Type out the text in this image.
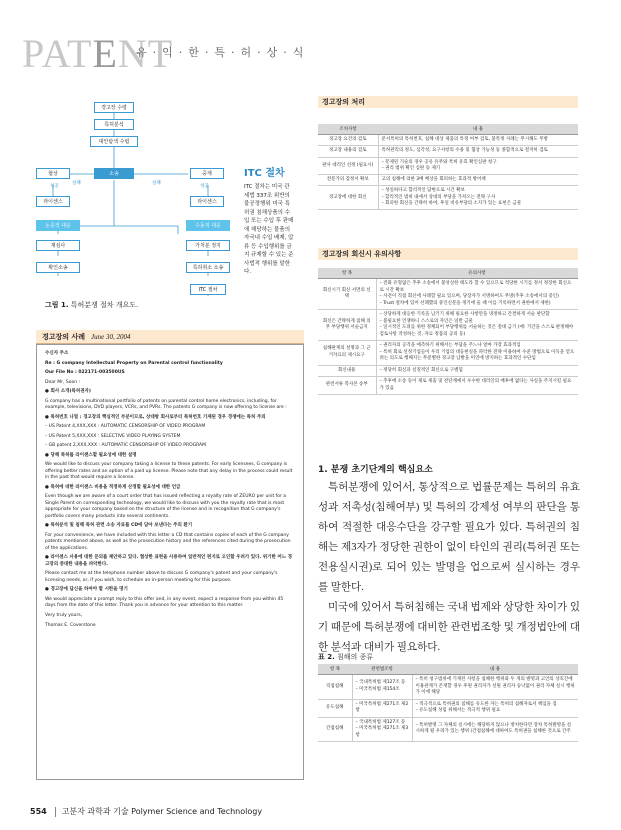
PATENT
유·익·한·특·허·상·식
경고장 수령
특허분석
대안탐색 수립
협상	소송	중재
성공
실패	실패
성공
라이센스	라이센스
논증적 대응	수동적 대응
재심사
확인소송
가처분 정지
특허취소 소송
ITC 절차
ITC 절차
ITC 절차는 미국 관세법 337조 위반의 불공정행위 미국 특허권 침해상품의 수입 또는 수입 후 판매에 해당하는 물품의 자국내 수입 배제, 압류 등 수입행위를 금지 규제할 수 있는 준사법적 행위를 말한다.
그림 1. 특허분쟁 절차 개요도.
경고장의 사례 June 30, 2004

수신자 주소

Re : G company Intellectual Property on Parental control functionality

Our File No : 022171-003500US

Dear Mr, Soon :

● 회사 소개(특허권자)

G company has a multinational portfolio of patents on parental control home electronics, including, for example, televisions, DVD players, VCRs, and PVRs. The patents G company is now offering to license are :

● 특허번호 나열 : 경고장의 핵심적인 부분이므로, 상대방 회사로부터 특허번호 기재된 경우 경쟁에는 특허 주의

– US Patent 4,XXX,XXX : AUTOMATIC CENSORSHIP OF VIDEO PROGRAM

– US Patent 5,XXX,XXX : SELECTIVE VIDEO PLAYING SYSTEM

– GB patent 2,XXX,XXX : AUTOMATIC CENSORSHIP OF VIDEO PROGRAM

● 당해 특허를 라이센스할 필요성에 대한 설명

We would like to discuss your company taking a license to these patents. For early licensees, G company is offering better rates and an option of a paid up license. Please note that any delay in the process could result in the past that would require a license.

● 특허에 대한 라이센스 비용을 적정하게 산정할 필요성에 대한 언급

Even though we are aware of a court order that has issued reflecting a royalty rate of ZEURO per unit for a Single Parent on corresponding technology, we would like to discuss with you the royalty rate that is most appropriate for your company based on the structure of the license and in recognition that G company's portfolio covers many products into several continents.

● 특허분석 및 침해 특허 관련 소송 자료를 CD에 담아 보낸다는 주의 환기

For your convenience, we have included with this letter a CD that contains copies of each of the G company patents mentioned above, as well as the prosecution history and the references cited during the prosecution of the applications.

● 라이센스 사용에 대한 문의를 제안하고 있다. 협상한 표현을 사용하여 일반적인 편지로 오인할 우려가 있다. 위기한 어느 경고장의 증대한 내용을 파악한다.

Please contact me at the telephone number above to discuss G company's patent and your company's licensing needs, or, if you wish, to schedule an in-person meeting for this purpose.

● 경고장에 답신을 하여야 할 시한을 명기

We would appreciate a prompt reply to this offer and, in any event, expect a response from you within 45 days from the date of this letter. Thank you in advance for your attention to this matter.

Very truly yours,

Thomas E. Coverstone

경고장의 처리
조치사항	내 용
경고장 요건의 검토	문서특허의 특허번호, 침해 대상 제품의 특정 여부 검토, 불특정 사례는 무시해도 무방
경고장 내용의 검토	특허관리의 정도, 심각성, 요구사항의 수용 및 협상 가능성 등 종합적으로 철저히 검토
판사 대리인 선정 (필요시)	– 문제된 기술의 경우 공유 유무와 특허 유효 확인심판 청구
– 권리 범위 확인 심판 등 제기
전문가의 감정서 확보	고의 침해에 의한 3배 배상을 회피하는 효과적 방어책
경고장에 대한 회신	– 성실하다고 합리적인 답변으로 시간 확보
– 합리적인 범위 내에서 상대의 부당을 가져오는 전략 구사
– 회피한 회신을 간략히 하여, 후일 비유부당의 소지가 있는 표현은 금물
경고장의 회신시 유의사항
항 목	유의사항
회신시기 회신 서면의 선택	– 전화 유형없은 추후 소송에서 불성실한 태도라 할 수 있으므로 적당한 시기를 정서 정장한 회신으로 시간 확보
– 사전이 직접 회신에 사례할 필요 있으며, 당장자가 서명하여도 무방(추후 소송에서의 증인)
– Trust 절차에 있어 선례했의 중인신문을 정기에 둘 때 이를 기록하면서 권한에서 제한)
회신은 간략하게 침해 의무 부당행위 서술금지	– 상당하게 대응한 기록을 남기기 위해 필요한 사항만을 냉정하고 간결하게 서술 판단함
– 불필요한 언쟁하니 스스로의 자인은 일반 금물
– 일시적인 도피를 위한 정체되어 부당행위를 서술하는 것은 절대 금기 (예: 기간을 스스로 판정해야 검토사항 작성하는 것, 자료 정품의 공의 등)
침해판계의 설명과 그 근거자료의 제시요구	– 권리자의 공격을 예측하기 위해서는 부담을 주느냐 얼마 가장 효과적임
– 특허 회로 선정기업들이 우리 기업의 대응현실을 파악한 전략 이용하여 수준 방법으로 이득을 얻으려는 의도로 행해지는 무분별한 경고장 남발을 미연에 방지하는 효과적인 수단임
회신내용	– 정당히 회신과 실질적인 회신으로 구별됨
관련서류 복사본 송부	– 추후에 소송 등이 제로 제출 및 전단계에서 우수한 대리인의 배후에 없다는 사실을 주지시킬 필요가 있음
1. 분쟁 초기단계의 핵심요소

특허분쟁에 있어서, 통상적으로 법률문제는 특허의 유효성과 저촉성(침해여부) 및 특허의 강제성 여부의 판단을 통하여 적절한 대응수단을 강구할 필요가 있다. 특허권의 침해는 제3자가 정당한 권한이 없이 타인의 권리(특허권 또는 전용실시권)로 되어 있는 발명을 업으로써 실시하는 경우를 말한다.

미국에 있어서 특허침해는 국내 법제와 상당한 차이가 있기 때문에 특허분쟁에 대비한 관련법조항 및 개정법안에 대한 분석과 대비가 필요하다.

표 2. 침해의 종류
항 목	관련법조항	내 용
직접침해	– 국내특허법 제127조 등
– 미국특허법 제154조	– 특히 청구범위에 기재된 사항을 침해한 행위와 두 개의 발명과 고안의 상호간에 이용관계가 존재할 경우 후원 권리자가 선원 권리자 승낙없이 권리 자체 실시 행위가 이에 해당
유도침해	– 미국특허법 제271조 제2항	– 적극적으로 특허권의 침해를 유도한 자는 특허의 침해자로서 책임을 짐
– 유도침해 성립 위해서는 적극적 행위 필요
간접침해	– 국내특허법 제127조 등
– 미국특허법 제271조 제3항	– 특허발명 그 자체의 실시에는 해당하지 않으나 방치한다면 장차 특허발명을 실시하게 될 우려가 있는 행위 (간접침해에 대하여도 특허권을 침해한 것으로 간주
554 고분자 과학과 기술 Polymer Science and Technology
